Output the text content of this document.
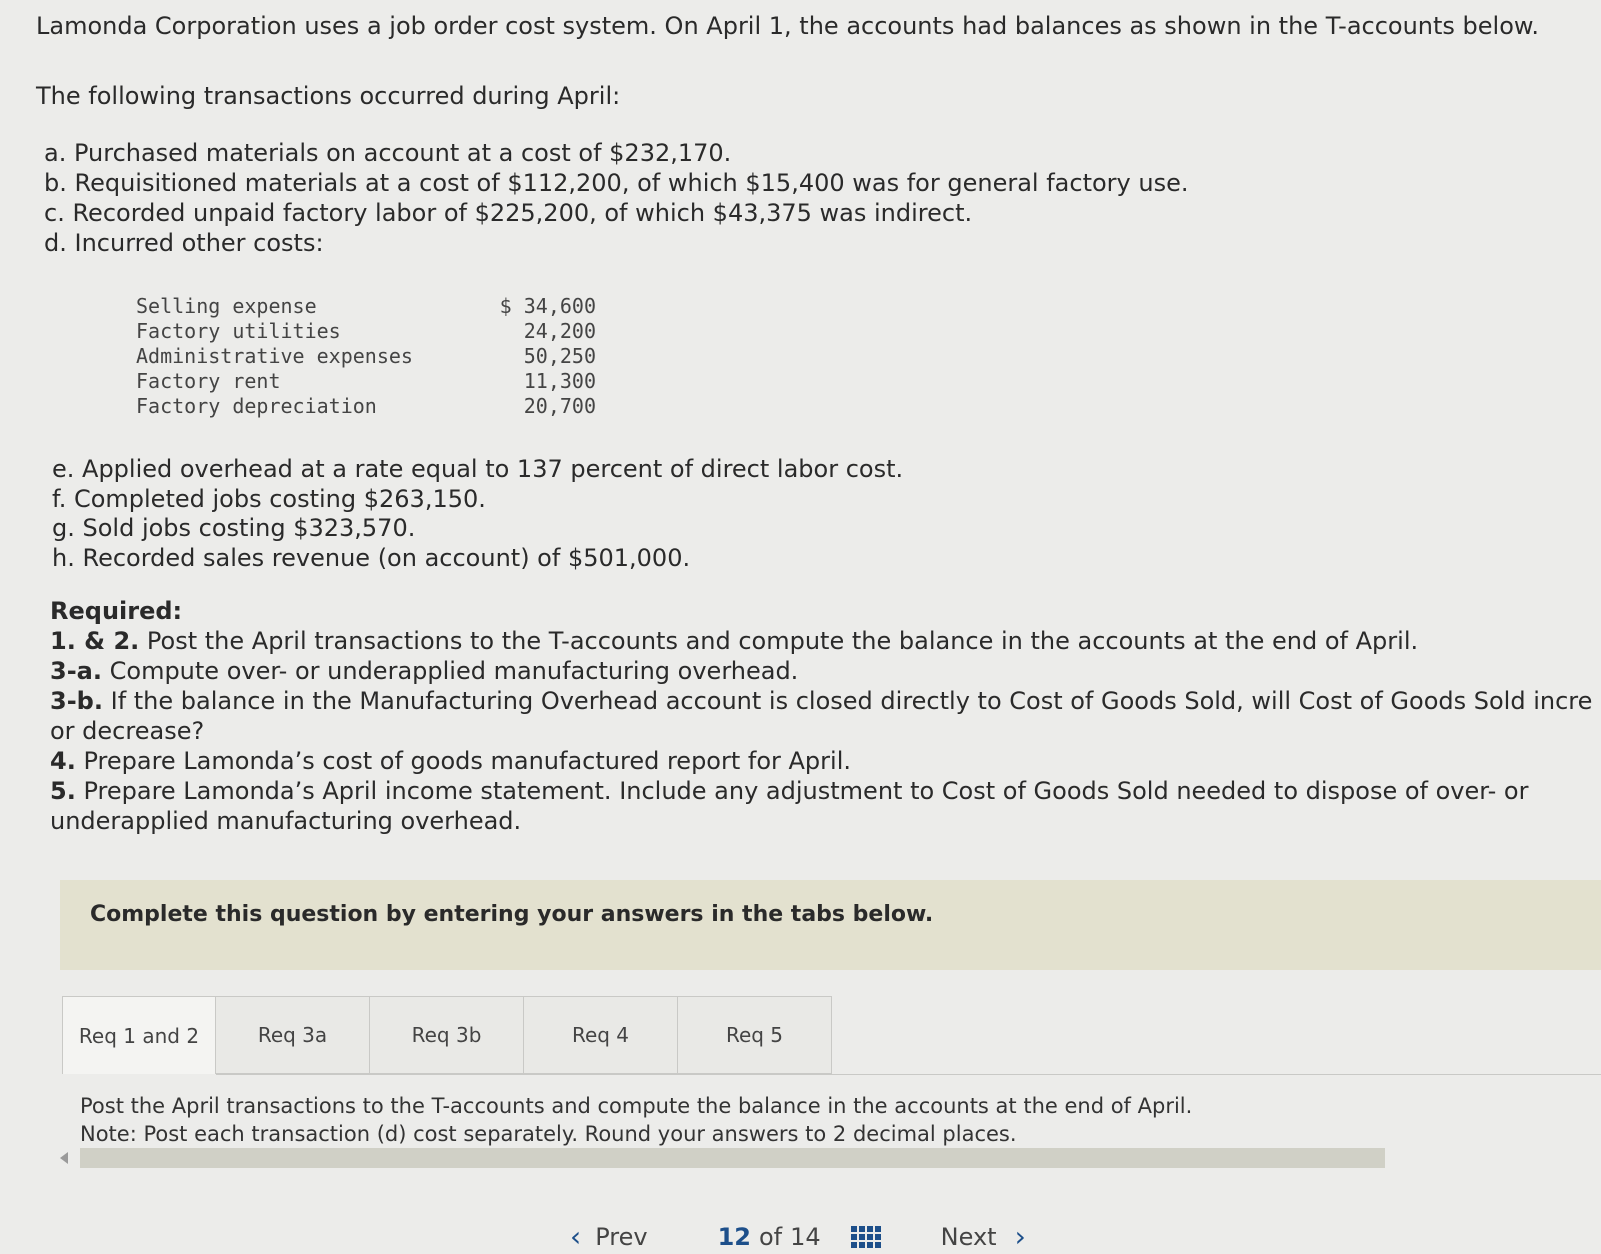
Lamonda Corporation uses a job order cost system. On April 1, the accounts had balances as shown in the T-accounts below.
The following transactions occurred during April:
a. Purchased materials on account at a cost of $232,170.
b. Requisitioned materials at a cost of $112,200, of which $15,400 was for general factory use.
c. Recorded unpaid factory labor of $225,200, of which $43,375 was indirect.
d. Incurred other costs:
Selling expense	$ 34,600
Factory utilities	24,200
Administrative expenses	50,250
Factory rent	11,300
Factory depreciation	20,700
e. Applied overhead at a rate equal to 137 percent of direct labor cost.
f. Completed jobs costing $263,150.
g. Sold jobs costing $323,570.
h. Recorded sales revenue (on account) of $501,000.
Required:
1. & 2. Post the April transactions to the T-accounts and compute the balance in the accounts at the end of April.
3-a. Compute over- or underapplied manufacturing overhead.
3-b. If the balance in the Manufacturing Overhead account is closed directly to Cost of Goods Sold, will Cost of Goods Sold incre
or decrease?
4. Prepare Lamonda’s cost of goods manufactured report for April.
5. Prepare Lamonda’s April income statement. Include any adjustment to Cost of Goods Sold needed to dispose of over- or
underapplied manufacturing overhead.
Complete this question by entering your answers in the tabs below.
Req 1 and 2	Req 3a	Req 3b	Req 4	Req 5
Post the April transactions to the T-accounts and compute the balance in the accounts at the end of April.
Note: Post each transaction (d) cost separately. Round your answers to 2 decimal places.
‹ Prev	12 of 14	Next ›
